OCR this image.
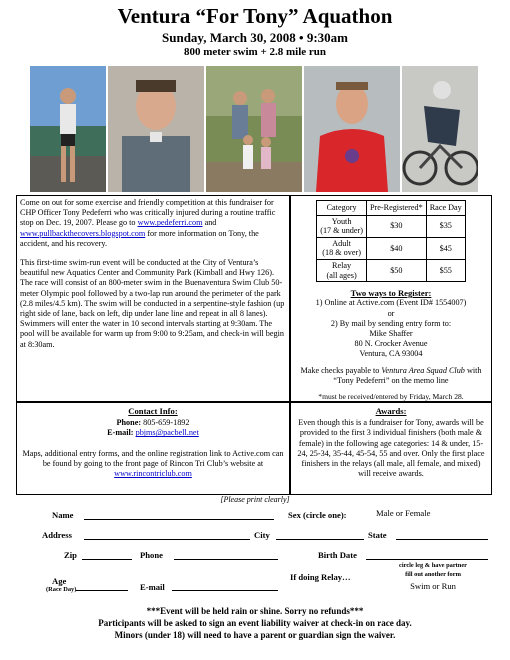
Ventura “For Tony” Aquathon
Sunday, March 30, 2008 • 9:30am
800 meter swim + 2.8 mile run

Come on out for some exercise and friendly competition at this fundraiser for CHP Officer Tony Pedeferri who was critically injured during a routine traffic stop on Dec. 19, 2007. Please go to www.pedeferri.com and www.pullbackthecovers.blogspot.com for more information on Tony, the accident, and his recovery.

This first-time swim-run event will be conducted at the City of Ventura’s beautiful new Aquatics Center and Community Park (Kimball and Hwy 126). The race will consist of an 800-meter swim in the Buenaventura Swim Club 50-meter Olympic pool followed by a two-lap run around the perimeter of the park (2.8 miles/4.5 km). The swim will be conducted in a serpentine-style fashion (up right side of lane, back on left, dip under lane line and repeat in all 8 lanes). Swimmers will enter the water in 10 second intervals starting at 9:30am. The pool will be available for warm up from 9:00 to 9:25am, and check-in will begin at 8:30am.

Category	Pre-Registered*	Race Day
Youth
(17 & under)	$30	$35
Adult
(18 & over)	$40	$45
Relay
(all ages)	$50	$55

Two ways to Register:

1) Online at Active.com (Event ID# 1554007)

or

2) By mail by sending entry form to:

Mike Shaffer

80 N. Crocker Avenue

Ventura, CA 93004

Make checks payable to Ventura Area Squad Club with “Tony Pedeferri” on the memo line

*must be received/entered by Friday, March 28.

Contact Info:

Phone: 805-659-1892

E-mail: pbjms@pacbell.net

Maps, additional entry forms, and the online registration link to Active.com can be found by going to the front page of Rincon Tri Club’s website at www.rincontriclub.com

Awards:

Even though this is a fundraiser for Tony, awards will be provided to the first 3 individual finishers (both male & female) in the following age categories: 14 & under, 15-24, 25-34, 35-44, 45-54, 55 and over. Only the first place finishers in the relays (all male, all female, and mixed) will receive awards.

[Please print clearly]
Name	Sex (circle one):	Male or Female
Address	City	State
Zip	Phone	Birth Date
Age
(Race Day)	E-mail
If doing Relay…
circle leg & have partner
fill out another form
Swim or Run
***Event will be held rain or shine. Sorry no refunds***
Participants will be asked to sign an event liability waiver at check-in on race day.
Minors (under 18) will need to have a parent or guardian sign the waiver.
